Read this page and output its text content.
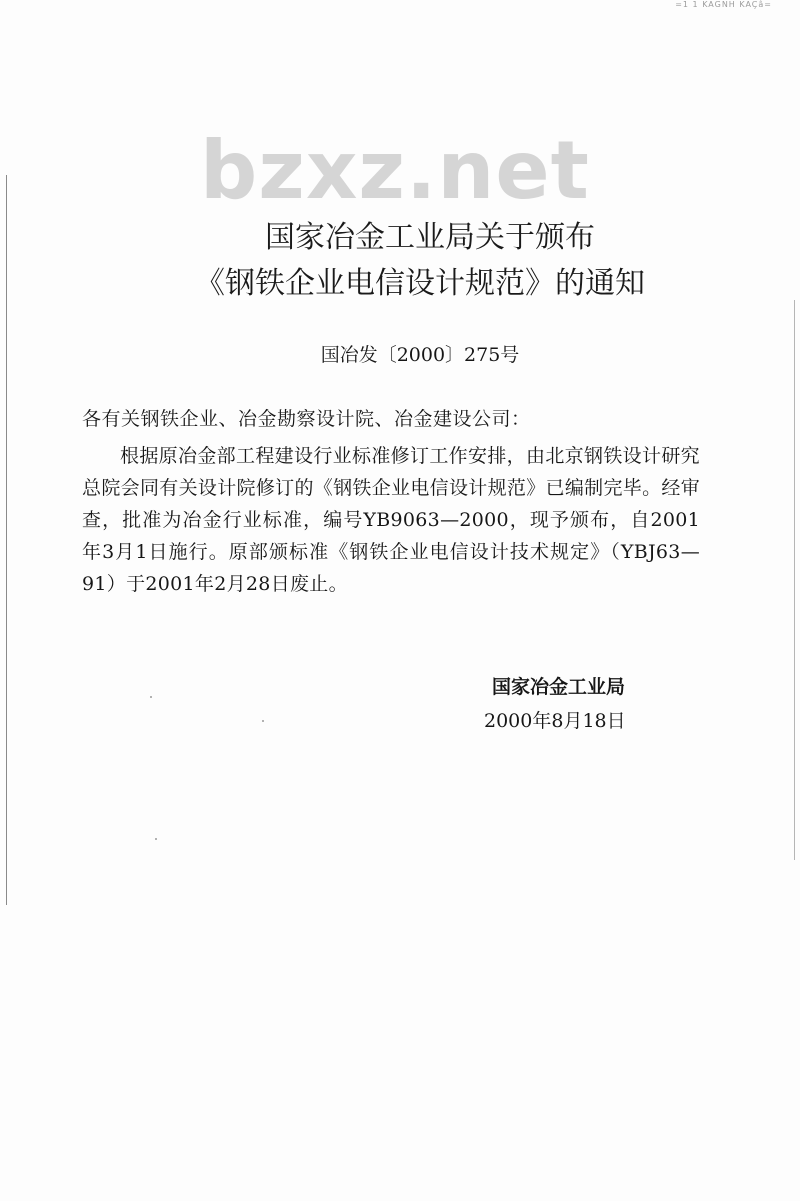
=1 1 KAGNH KAÇâ=
bzxz.net
国家冶金工业局关于颁布
《钢铁企业电信设计规范》的通知
国冶发〔2000〕275号
各有关钢铁企业、冶金勘察设计院、冶金建设公司：
根据原冶金部工程建设行业标准修订工作安排，由北京钢铁设计研究总院会同有关设计院修订的《钢铁企业电信设计规范》已编制完毕。经审查，批准为冶金行业标准，编号YB9063—2000，现予颁布，自2001年3月1日施行。原部颁标准《钢铁企业电信设计技术规定》（YBJ63—91）于2001年2月28日废止。
国家冶金工业局
2000年8月18日
